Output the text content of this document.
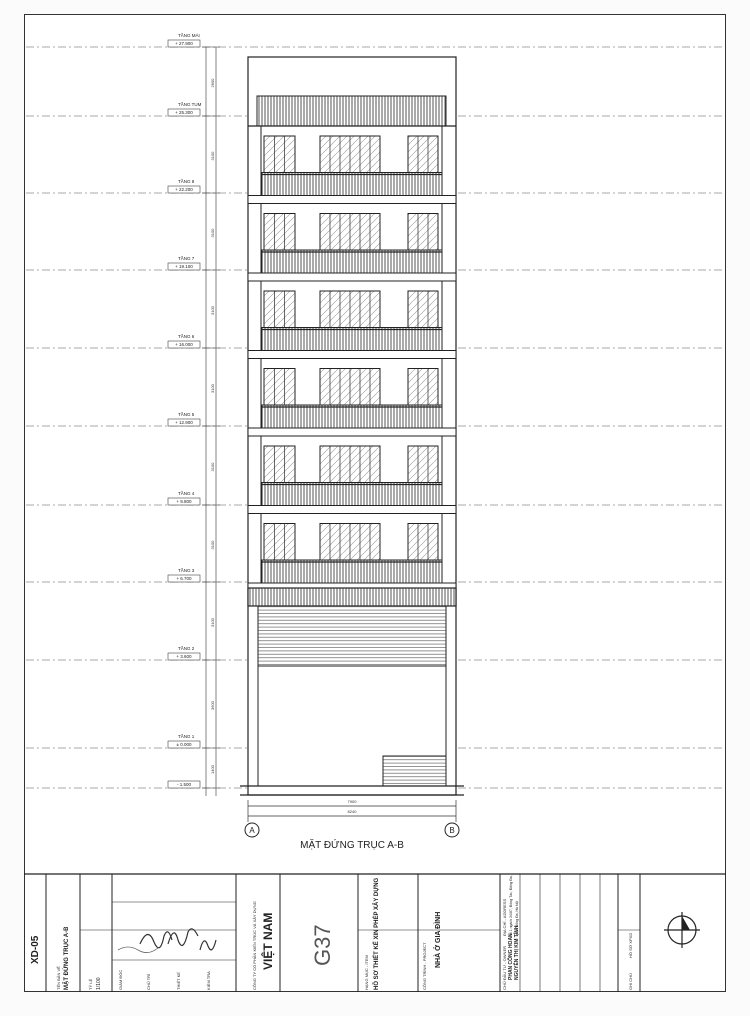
TẦNG MÁI
+ 27.900
TẦNG TUM
+ 25.300
TẦNG 8
+ 22.200
TẦNG 7
+ 19.100
TẦNG 6
+ 16.000
TẦNG 5
+ 12.900
TẦNG 4
+ 9.800
TẦNG 3
+ 6.700
TẦNG 2
+ 3.600
TẦNG 1
± 0.000
- 1.500
2600
3100
3100
3100
3100
3100
3100
3100
3600
1400
7900
8240
A	B
MẶT ĐỨNG TRỤC A-B
XD-05
TÊN BẢN VẼ MẶT ĐỨNG TRỤC A-B	TỶ LỆ 1/100	GIÁM ĐỐC	CHỦ TRÌ	THIẾT KẾ	KIỂM TRA	CÔNG TY CỔ PHẦN KIẾN TRÚC VÀ XÂY DỰNG VIỆT NAM G37
HẠNG MỤC - ITEM HỒ SƠ THIẾT KẾ XIN PHÉP XÂY DỰNG	CÔNG TRÌNH - PROJECT NHÀ Ở GIA ĐÌNH	CHỦ ĐẦU TƯ - OWNER PHAN CÔNG HOAN NGUYỄN THỊ KIM TÍNH
ĐỊA CHỈ - ADDRESS số 1 ngách 24/87, Đông Tác, Đống Đa, quận Đống Đa, Hà Nội
GHI CHÚ
HỒ SƠ XPXD
